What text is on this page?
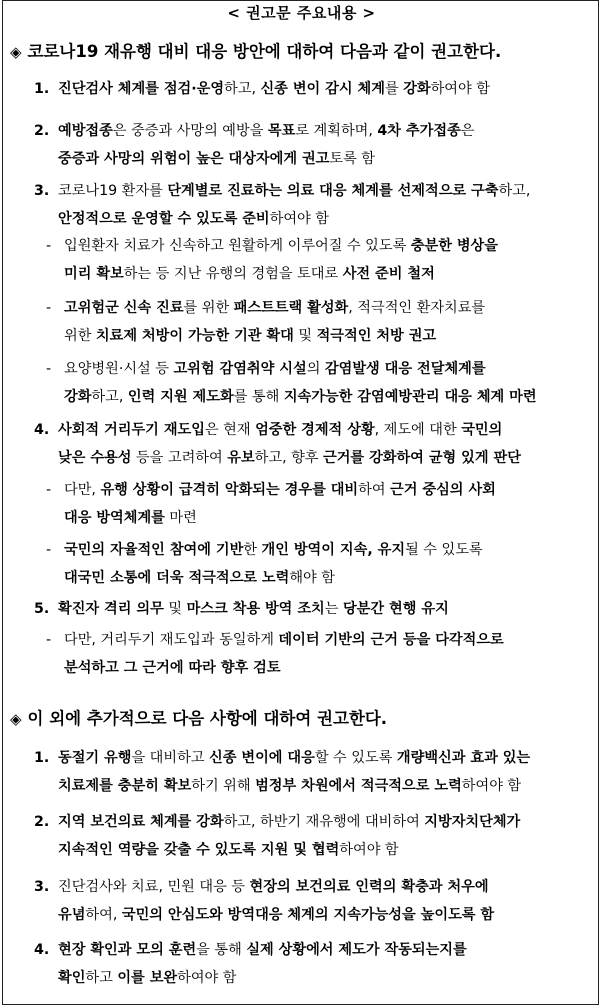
< 권고문 주요내용 >
◈ 코로나19 재유행 대비 대응 방안에 대하여 다음과 같이 권고한다.
1. 진단검사 체계를 점검·운영하고, 신종 변이 감시 체계를 강화하여야 함
2. 예방접종은 중증과 사망의 예방을 목표로 계획하며, 4차 추가접종은
중증과 사망의 위험이 높은 대상자에게 권고토록 함
3. 코로나19 환자를 단계별로 진료하는 의료 대응 체계를 선제적으로 구축하고,
안정적으로 운영할 수 있도록 준비하여야 함
- 입원환자 치료가 신속하고 원활하게 이루어질 수 있도록 충분한 병상을
미리 확보하는 등 지난 유행의 경험을 토대로 사전 준비 철저
- 고위험군 신속 진료를 위한 패스트트랙 활성화, 적극적인 환자치료를
위한 치료제 처방이 가능한 기관 확대 및 적극적인 처방 권고
- 요양병원·시설 등 고위험 감염취약 시설의 감염발생 대응 전달체계를
강화하고, 인력 지원 제도화를 통해 지속가능한 감염예방관리 대응 체계 마련
4. 사회적 거리두기 재도입은 현재 엄중한 경제적 상황, 제도에 대한 국민의
낮은 수용성 등을 고려하여 유보하고, 향후 근거를 강화하여 균형 있게 판단
- 다만, 유행 상황이 급격히 악화되는 경우를 대비하여 근거 중심의 사회
대응 방역체계를 마련
- 국민의 자율적인 참여에 기반한 개인 방역이 지속, 유지될 수 있도록
대국민 소통에 더욱 적극적으로 노력해야 함
5. 확진자 격리 의무 및 마스크 착용 방역 조치는 당분간 현행 유지
- 다만, 거리두기 재도입과 동일하게 데이터 기반의 근거 등을 다각적으로
분석하고 그 근거에 따라 향후 검토
◈ 이 외에 추가적으로 다음 사항에 대하여 권고한다.
1. 동절기 유행을 대비하고 신종 변이에 대응할 수 있도록 개량백신과 효과 있는
치료제를 충분히 확보하기 위해 범정부 차원에서 적극적으로 노력하여야 함
2. 지역 보건의료 체계를 강화하고, 하반기 재유행에 대비하여 지방자치단체가
지속적인 역량을 갖출 수 있도록 지원 및 협력하여야 함
3. 진단검사와 치료, 민원 대응 등 현장의 보건의료 인력의 확충과 처우에
유념하여, 국민의 안심도와 방역대응 체계의 지속가능성을 높이도록 함
4. 현장 확인과 모의 훈련을 통해 실제 상황에서 제도가 작동되는지를
확인하고 이를 보완하여야 함
